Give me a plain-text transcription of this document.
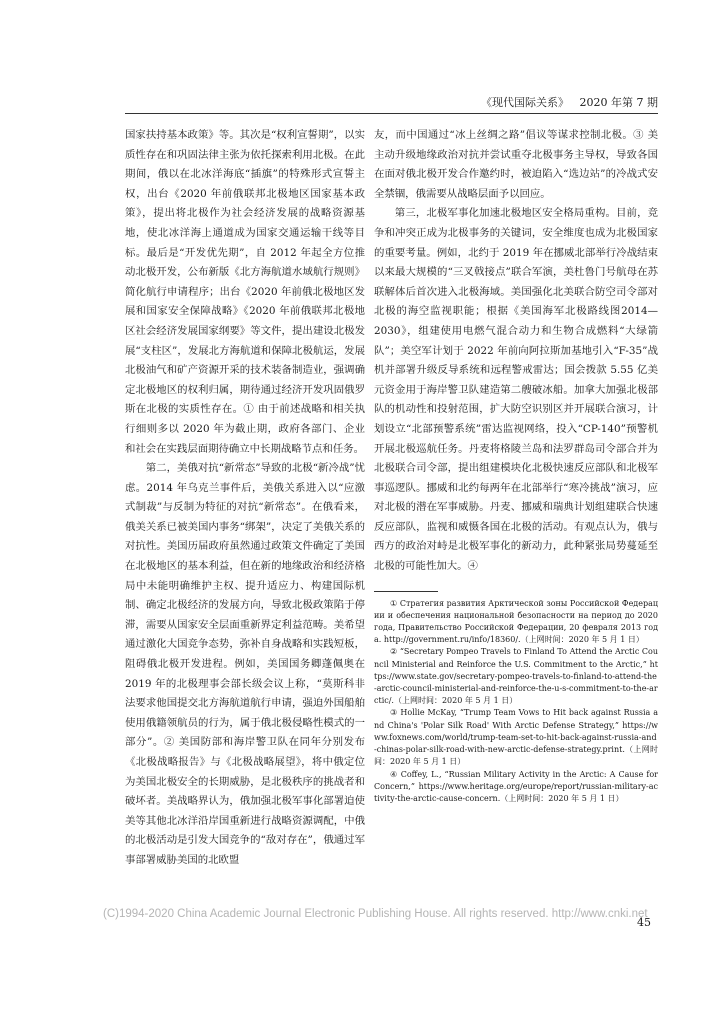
《现代国际关系》 2020 年第 7 期

国家扶持基本政策》等。其次是“权利宣誓期”，以实质性存在和巩固法律主张为依托探索利用北极。在此期间，俄以在北冰洋海底“插旗”的特殊形式宣誓主权，出台《2020 年前俄联邦北极地区国家基本政策》，提出将北极作为社会经济发展的战略资源基地，使北冰洋海上通道成为国家交通运输干线等目标。最后是“开发优先期”，自 2012 年起全方位推动北极开发，公布新版《北方海航道水域航行规则》简化航行申请程序；出台《2020 年前俄北极地区发展和国家安全保障战略》《2020 年前俄联邦北极地区社会经济发展国家纲要》等文件，提出建设北极发展“支柱区”，发展北方海航道和保障北极航运，发展北极油气和矿产资源开采的技术装备制造业，强调确定北极地区的权利归属，期待通过经济开发巩固俄罗斯在北极的实质性存在。① 由于前述战略和相关执行细则多以 2020 年为截止期，政府各部门、企业和社会在实践层面期待确立中长期战略节点和任务。

第二，美俄对抗“新常态”导致的北极“新冷战”忧虑。2014 年乌克兰事件后，美俄关系进入以“应激式制裁”与反制为特征的对抗“新常态”。在俄看来，俄美关系已被美国内事务“绑架”，决定了美俄关系的对抗性。美国历届政府虽然通过政策文件确定了美国在北极地区的基本利益，但在新的地缘政治和经济格局中未能明确维护主权、提升适应力、构建国际机制、确定北极经济的发展方向，导致北极政策陷于停滞，需要从国家安全层面重新界定利益范畴。美希望通过激化大国竞争态势，弥补自身战略和实践短板，阻碍俄北极开发进程。例如，美国国务卿蓬佩奥在 2019 年的北极理事会部长级会议上称，“莫斯科非法要求他国提交北方海航道航行申请，强迫外国船舶使用俄籍领航员的行为，属于俄北极侵略性模式的一部分”。② 美国防部和海岸警卫队在同年分别发布《北极战略报告》与《北极战略展望》，将中俄定位为美国北极安全的长期威胁，是北极秩序的挑战者和破坏者。美战略界认为，俄加强北极军事化部署迫使美等其他北冰洋沿岸国重新进行战略资源调配，中俄的北极活动是引发大国竞争的“敌对存在”，俄通过军事部署威胁美国的北欧盟

友，而中国通过“冰上丝绸之路”倡议等谋求控制北极。③ 美主动升级地缘政治对抗并尝试重夺北极事务主导权，导致各国在面对俄北极开发合作邀约时，被迫陷入“选边站”的冷战式安全禁锢，俄需要从战略层面予以回应。

第三，北极军事化加速北极地区安全格局重构。目前，竞争和冲突正成为北极事务的关键词，安全维度也成为北极国家的重要考量。例如，北约于 2019 年在挪威北部举行冷战结束以来最大规模的“三叉戟接点”联合军演，美杜鲁门号航母在苏联解体后首次进入北极海域。美国强化北美联合防空司令部对北极的海空监视职能；根据《美国海军北极路线图2014—2030》，组建使用电燃气混合动力和生物合成燃料“大绿箭队”；美空军计划于 2022 年前向阿拉斯加基地引入“F-35”战机并部署升级反导系统和远程警戒雷达；国会拨款 5.55 亿美元资金用于海岸警卫队建造第二艘破冰船。加拿大加强北极部队的机动性和投射范围，扩大防空识别区并开展联合演习，计划设立“北部预警系统”雷达监视网络，投入“CP-140”预警机开展北极巡航任务。丹麦将格陵兰岛和法罗群岛司令部合并为北极联合司令部，提出组建模块化北极快速反应部队和北极军事巡逻队。挪威和北约每两年在北部举行“寒冷挑战”演习，应对北极的潜在军事威胁。丹麦、挪威和瑞典计划组建联合快速反应部队，监视和威慑各国在北极的活动。有观点认为，俄与西方的政治对峙是北极军事化的新动力，此种紧张局势蔓延至北极的可能性加大。④

① Стратегия развития Арктической зоны Российской Федерации и обеспечения национальной безопасности на период до 2020 года, Правительство Российской Федерации, 20 февраля 2013 года. http://government.ru/info/18360/.（上网时间：2020 年 5 月 1 日）

② “Secretary Pompeo Travels to Finland To Attend the Arctic Council Ministerial and Reinforce the U.S. Commitment to the Arctic,” https://www.state.gov/secretary-pompeo-travels-to-finland-to-attend-the-arctic-council-ministerial-and-reinforce-the-u-s-commitment-to-the-arctic/.（上网时间：2020 年 5 月 1 日）

③ Hollie McKay, “Trump Team Vows to Hit back against Russia and China's 'Polar Silk Road' With Arctic Defense Strategy,” https://www.foxnews.com/world/trump-team-set-to-hit-back-against-russia-and-chinas-polar-silk-road-with-new-arctic-defense-strategy.print.（上网时间：2020 年 5 月 1 日）

④ Coffey, L., “Russian Military Activity in the Arctic: A Cause for Concern,” https://www.heritage.org/europe/report/russian-military-activity-the-arctic-cause-concern.（上网时间：2020 年 5 月 1 日）

(C)1994-2020 China Academic Journal Electronic Publishing House. All rights reserved. http://www.cnki.net
45
